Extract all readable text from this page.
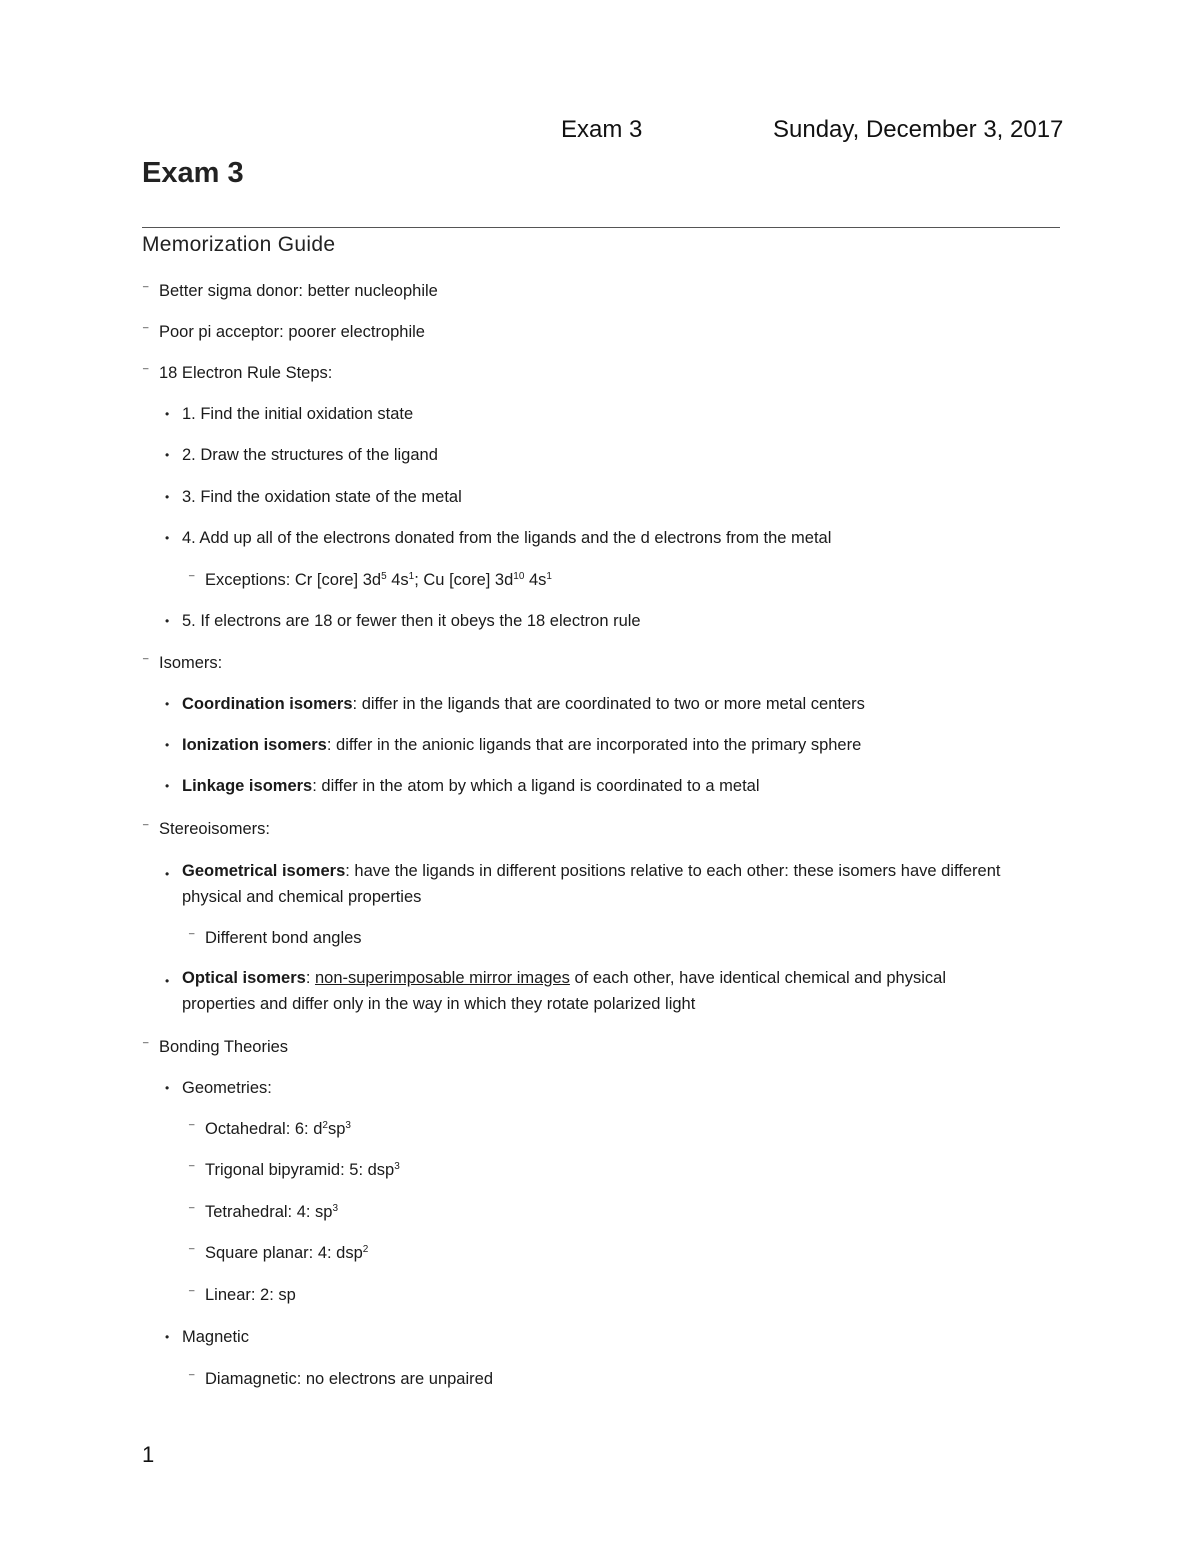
Exam 3	Sunday, December 3, 2017
Exam 3
Memorization Guide
⁻ Better sigma donor: better nucleophile
⁻ Poor pi acceptor: poorer electrophile
⁻ 18 Electron Rule Steps:
• 1. Find the initial oxidation state
• 2. Draw the structures of the ligand
• 3. Find the oxidation state of the metal
• 4. Add up all of the electrons donated from the ligands and the d electrons from the metal
⁻ Exceptions: Cr [core] $3d^5$ $4s^1$; Cu [core] $3d^{10}$ $4s^1$
• 5. If electrons are 18 or fewer then it obeys the 18 electron rule
⁻ Isomers:
• Coordination isomers: differ in the ligands that are coordinated to two or more metal centers
• Ionization isomers: differ in the anionic ligands that are incorporated into the primary sphere
• Linkage isomers: differ in the atom by which a ligand is coordinated to a metal
⁻ Stereoisomers:
• Geometrical isomers: have the ligands in different positions relative to each other: these isomers have different physical and chemical properties
⁻ Different bond angles
• Optical isomers: non-superimposable mirror images of each other, have identical chemical and physical properties and differ only in the way in which they rotate polarized light
⁻ Bonding Theories
• Geometries:
⁻ Octahedral: 6: $d^2sp^3$
⁻ Trigonal bipyramid: 5: dsp$^3$
⁻ Tetrahedral: 4: $sp^3$
⁻ Square planar: 4: dsp$^2$
⁻ Linear: 2: sp
• Magnetic
⁻ Diamagnetic: no electrons are unpaired
1
